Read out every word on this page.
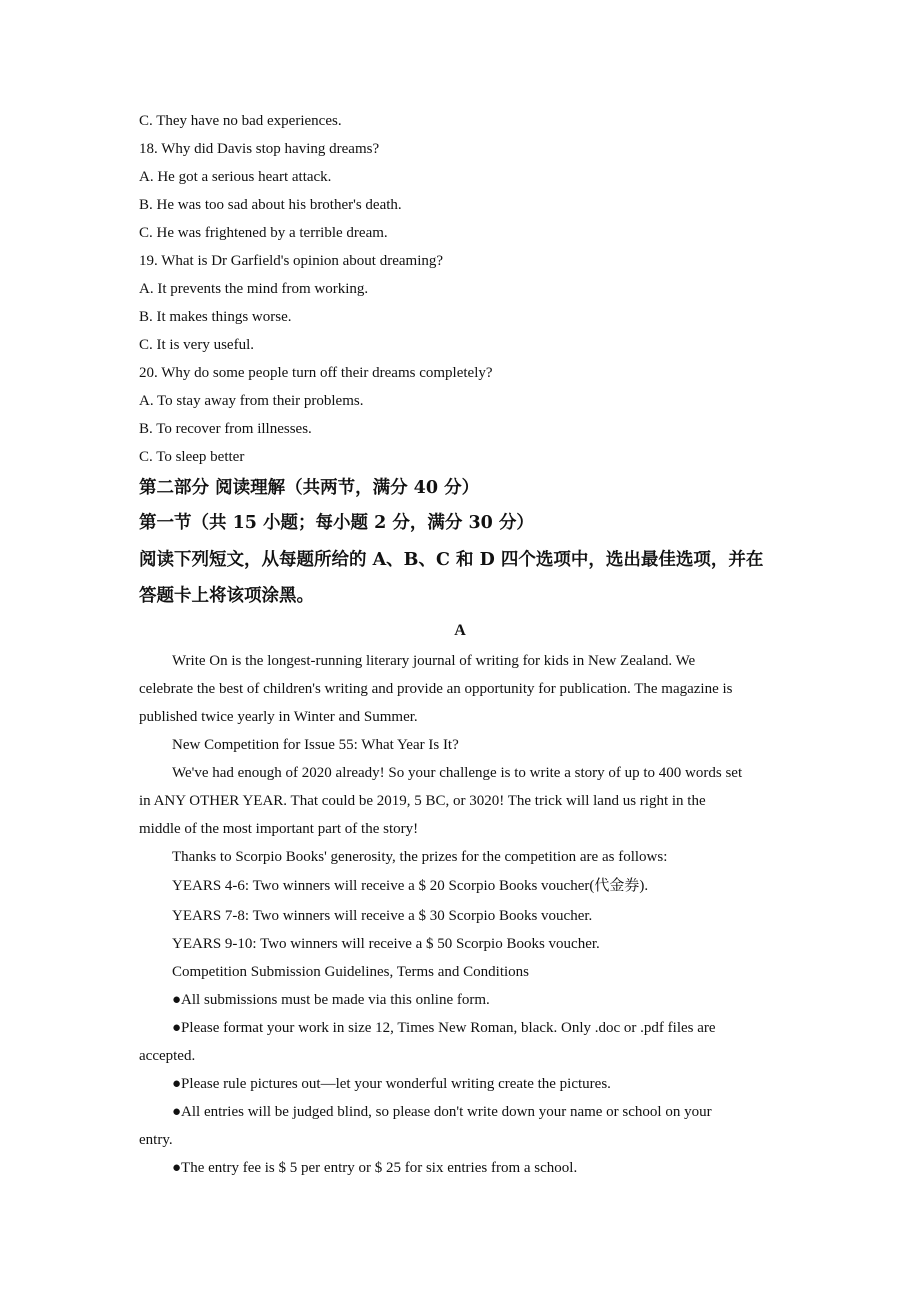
C. They have no bad experiences.
18. Why did Davis stop having dreams?
A. He got a serious heart attack.
B. He was too sad about his brother's death.
C. He was frightened by a terrible dream.
19. What is Dr Garfield's opinion about dreaming?
A. It prevents the mind from working.
B. It makes things worse.
C. It is very useful.
20. Why do some people turn off their dreams completely?
A. To stay away from their problems.
B. To recover from illnesses.
C. To sleep better
第二部分 阅读理解（共两节，满分 40 分）
第一节（共 15 小题；每小题 2 分，满分 30 分）
阅读下列短文，从每题所给的 A、B、C 和 D 四个选项中，选出最佳选项，并在
答题卡上将该项涂黑。
A
Write On is the longest-running literary journal of writing for kids in New Zealand. We
celebrate the best of children's writing and provide an opportunity for publication. The magazine is
published twice yearly in Winter and Summer.
New Competition for Issue 55: What Year Is It?
We've had enough of 2020 already! So your challenge is to write a story of up to 400 words set
in ANY OTHER YEAR. That could be 2019, 5 BC, or 3020! The trick will land us right in the
middle of the most important part of the story!
Thanks to Scorpio Books' generosity, the prizes for the competition are as follows:
YEARS 4-6: Two winners will receive a $ 20 Scorpio Books voucher(代金券).
YEARS 7-8: Two winners will receive a $ 30 Scorpio Books voucher.
YEARS 9-10: Two winners will receive a $ 50 Scorpio Books voucher.
Competition Submission Guidelines, Terms and Conditions
●All submissions must be made via this online form.
●Please format your work in size 12, Times New Roman, black. Only .doc or .pdf files are
accepted.
●Please rule pictures out—let your wonderful writing create the pictures.
●All entries will be judged blind, so please don't write down your name or school on your
entry.
●The entry fee is $ 5 per entry or $ 25 for six entries from a school.
